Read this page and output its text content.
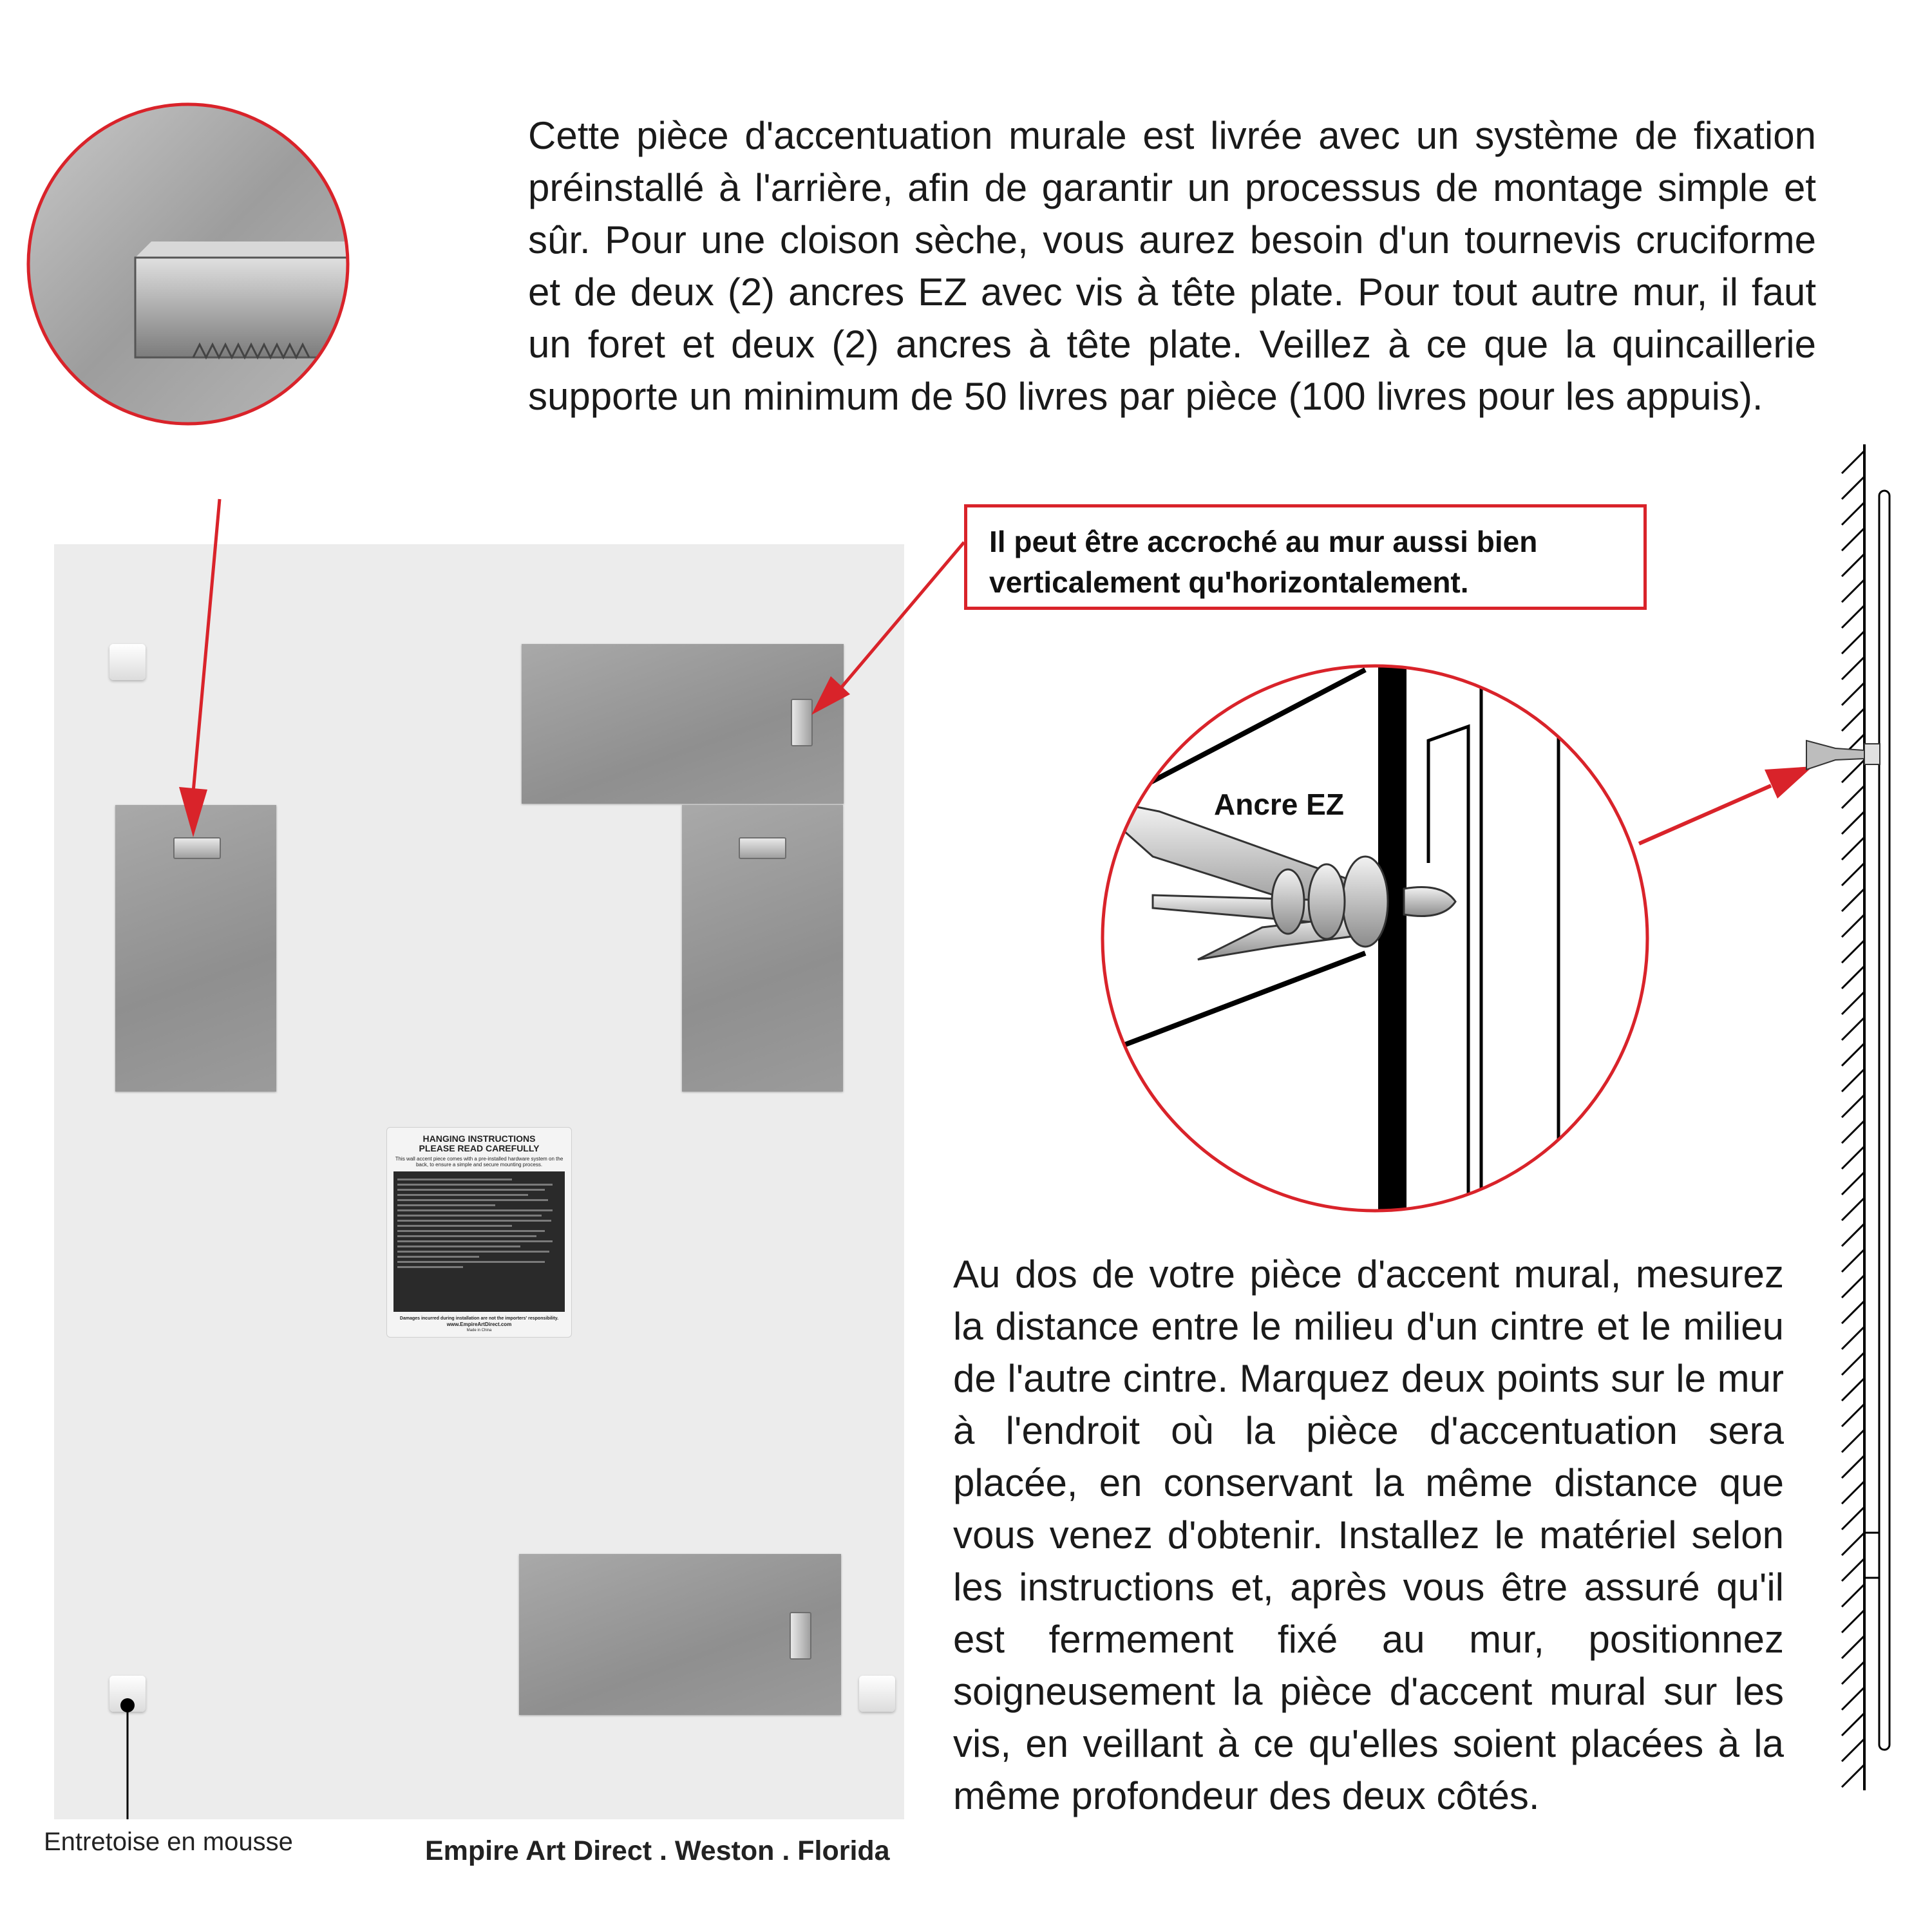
Cette pièce d'accentuation murale est livrée avec un système de fixation préinstallé à l'arrière, afin de garantir un processus de montage simple et sûr. Pour une cloison sèche, vous aurez besoin d'un tournevis cruciforme et de deux (2) ancres EZ avec vis à tête plate. Pour tout autre mur, il faut un foret et deux (2) ancres à tête plate. Veillez à ce que la quincaillerie supporte un minimum de 50 livres par pièce (100 livres pour les appuis).

Il peut être accroché au mur aussi bien verticalement qu'horizontalement.
HANGING INSTRUCTIONS
PLEASE READ CAREFULLY
This wall accent piece comes with a pre-installed hardware system on the back, to ensure a simple and secure mounting process.
Damages incurred during installation are not the importers' responsibility.
www.EmpireArtDirect.com
Made in China
Entretoise en mousse	Empire Art Direct . Weston . Florida

Au dos de votre pièce d'accent mural, mesurez la distance entre le milieu d'un cintre et le milieu de l'autre cintre. Marquez deux points sur le mur à l'endroit où la pièce d'accentuation sera placée, en conservant la même distance que vous venez d'obtenir. Installez le matériel selon les instructions et, après vous être assuré qu'il est fermement fixé au mur, positionnez soigneusement la pièce d'accent mural sur les vis, en veillant à ce qu'elles soient placées à la même profondeur des deux côtés.

Ancre EZ
